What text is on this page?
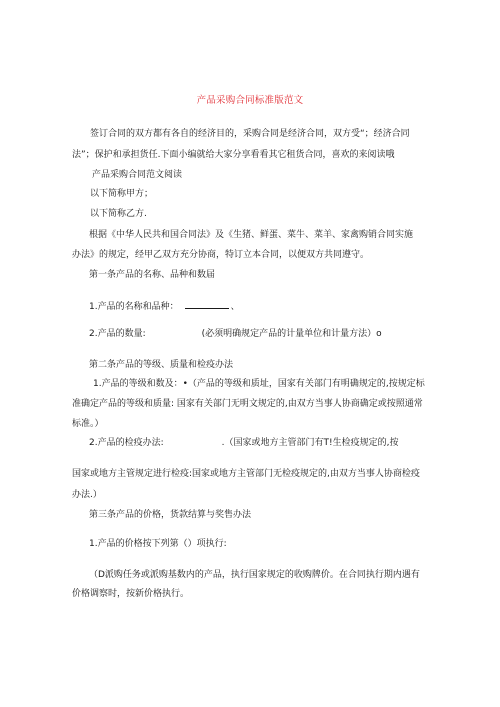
产品采购合同标准版范文
签订合同的双方都有各自的经济目的，采购合同是经济合同，双方受“；经济合同
法”；保护和承担货任.下面小编就给大家分享看看其它租货合同，喜欢的来阅读哦
产品采购合同范文阅读
以下简称甲方；
以下简称乙方.
根据《中华人民共和国合同法》及《生猪、鲜蛋、菜牛、菜羊、家禽购销合同实施
办法》的规定，经甲乙双方充分协商，特订立本合同，以便双方共同遵守。
第一条产品的名称、品种和数届
1.产品的名称和品种：	、
2.产品的数量:	(必须明确规定产品的计量单位和计量方法）o
第二条产品的等级、质量和检疫办法
1.产品的等级和数及：•（产品的等级和质址，国家有关部门有明确规定的,按规定标
准确定产品的等级和质量: 国家有关部门无明文规定的,由双方当事人协商确定或按照通常
标准。）
2.产品的检疫办法:	.（国家或地方主管部门有T!生检疫规定的,按
国家或地方主管规定进行检疫:国家或地方主管部门无检疫规定的,由双方当事人协商检疫
办法.）
第三条产品的价格，货款结算与奖售办法
1.产品的价格按下列第（）项执行:
（D派购任务或派购基数内的产品，执行国家规定的收购牌价。在合同执行期内遇有
价格调察时，按新价格执行。
